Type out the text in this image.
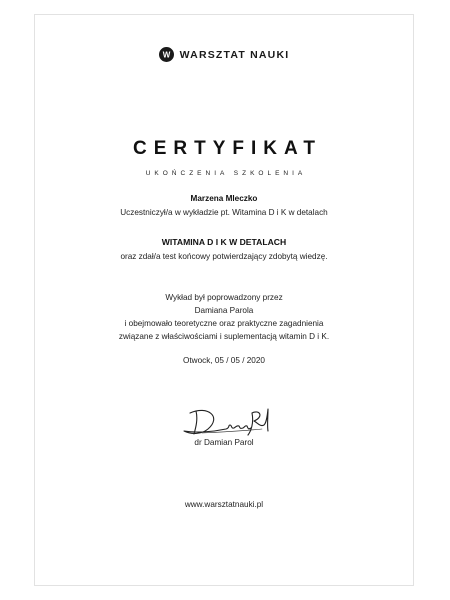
W WARSZTAT NAUKI
CERTYFIKAT
UKOŃCZENIA SZKOLENIA
Marzena Mleczko
Uczestniczył/a w wykładzie pt. Witamina D i K w detalach
WITAMINA D I K W DETALACH
oraz zdał/a test końcowy potwierdzający zdobytą wiedzę.
Wykład był poprowadzony przez
Damiana Parola
i obejmowało teoretyczne oraz praktyczne zagadnienia
związane z właściwościami i suplementacją witamin D i K.
Otwock, 05 / 05 / 2020
dr Damian Parol
www.warsztatnauki.pl
